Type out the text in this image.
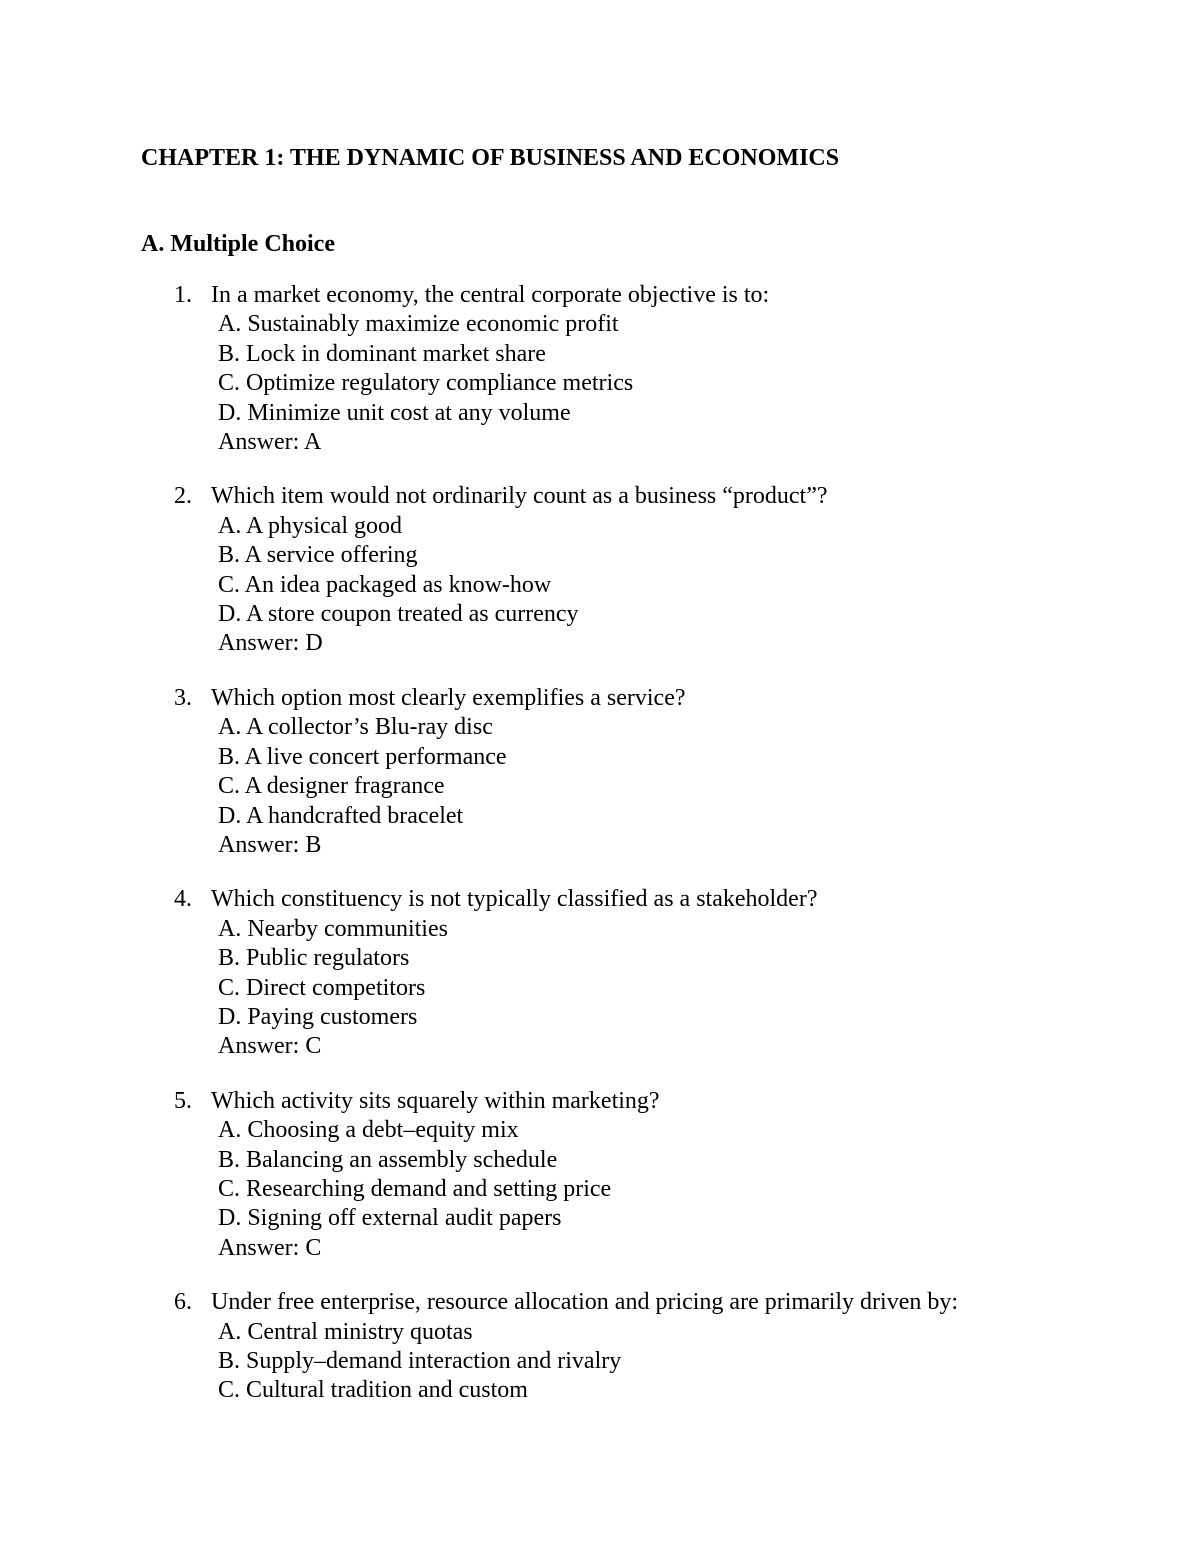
CHAPTER 1: THE DYNAMIC OF BUSINESS AND ECONOMICS
A. Multiple Choice
1. In a market economy, the central corporate objective is to:
A. Sustainably maximize economic profit
B. Lock in dominant market share
C. Optimize regulatory compliance metrics
D. Minimize unit cost at any volume
Answer: A
2. Which item would not ordinarily count as a business “product”?
A. A physical good
B. A service offering
C. An idea packaged as know-how
D. A store coupon treated as currency
Answer: D
3. Which option most clearly exemplifies a service?
A. A collector’s Blu-ray disc
B. A live concert performance
C. A designer fragrance
D. A handcrafted bracelet
Answer: B
4. Which constituency is not typically classified as a stakeholder?
A. Nearby communities
B. Public regulators
C. Direct competitors
D. Paying customers
Answer: C
5. Which activity sits squarely within marketing?
A. Choosing a debt–equity mix
B. Balancing an assembly schedule
C. Researching demand and setting price
D. Signing off external audit papers
Answer: C
6. Under free enterprise, resource allocation and pricing are primarily driven by:
A. Central ministry quotas
B. Supply–demand interaction and rivalry
C. Cultural tradition and custom
